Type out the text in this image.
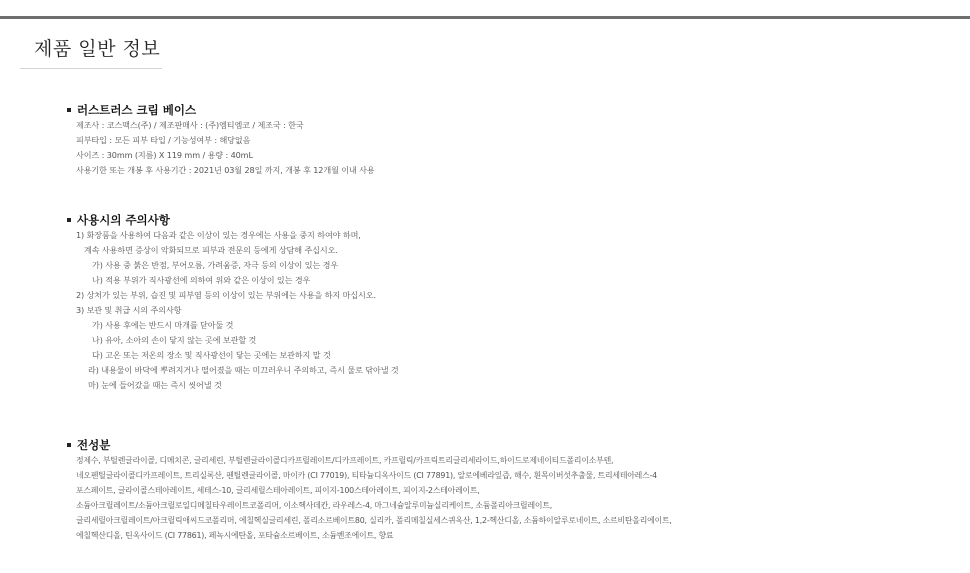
제품 일반 정보
러스트러스 크림 베이스
제조사 : 코스맥스(주) / 제조판매사 : (주)엠티엠코 / 제조국 : 한국
피부타입 : 모든 피부 타입 / 기능성여부 : 해당없음
사이즈 : 30mm (지름) X 119 mm / 용량 : 40mL
사용기한 또는 개봉 후 사용기간 : 2021년 03월 28일 까지, 개봉 후 12개월 이내 사용
사용시의 주의사항
1) 화장품을 사용하여 다음과 같은 이상이 있는 경우에는 사용을 중지 하여야 하며,
계속 사용하면 증상이 악화되므로 피부과 전문의 등에게 상담해 주십시오.
가) 사용 중 붉은 반점, 부어오름, 가려움증, 자극 등의 이상이 있는 경우
나) 적용 부위가 직사광선에 의하여 위와 같은 이상이 있는 경우
2) 상처가 있는 부위, 습진 및 피부염 등의 이상이 있는 부위에는 사용을 하지 마십시오.
3) 보관 및 취급 시의 주의사항
가) 사용 후에는 반드시 마개를 닫아둘 것
나) 유아, 소아의 손이 닿지 않는 곳에 보관할 것
다) 고온 또는 저온의 장소 및 직사광선이 닿는 곳에는 보관하지 말 것
라) 내용물이 바닥에 뿌려지거나 떨어졌을 때는 미끄러우니 주의하고, 즉시 물로 닦아낼 것
마) 눈에 들어갔을 때는 즉시 씻어낼 것
전성분
정제수, 부틸렌글라이콜, 디메치콘, 글리세린, 부틸렌글라이콜디카프릴레이트/디카프레이트, 카프릴릭/카프릭트리글리세라이드,하이드로제네이티드폴리이소부텐,
네오펜틸글라이콜디카프레이트, 트리실록산, 펜틸렌글라이콜, 마이카 (CI 77019), 티타늄디옥사이드 (CI 77891), 알로에베라잎즙, 해수, 흰목이버섯추출물, 트리세테아레스-4
포스페이트, 글라이콜스테아레이트, 세테스-10, 글리세릴스테아레이트, 피이지-100스테아레이트, 피이지-2스테아레이트,
소듐아크릴레이트/소듐아크릴로일디메칠타우레이트코폴리머, 이소헥사데칸, 라우레스-4, 마그네슘알루미늄실리케이트, 소듐폴리아크릴레이트,
글리세릴아크릴레이트/아크릴릭애씨드코폴리머, 에칠헥실글리세린, 폴리소르베이트80, 실리카, 폴리메칠실세스퀴옥산, 1,2-헥산디올, 소듐하이알루로네이트, 소르비탄올리에이트,
에칠헥산디올, 틴옥사이드 (CI 77861), 페녹시에탄올, 포타슘소르베이트, 소듐벤조에이트, 향료
